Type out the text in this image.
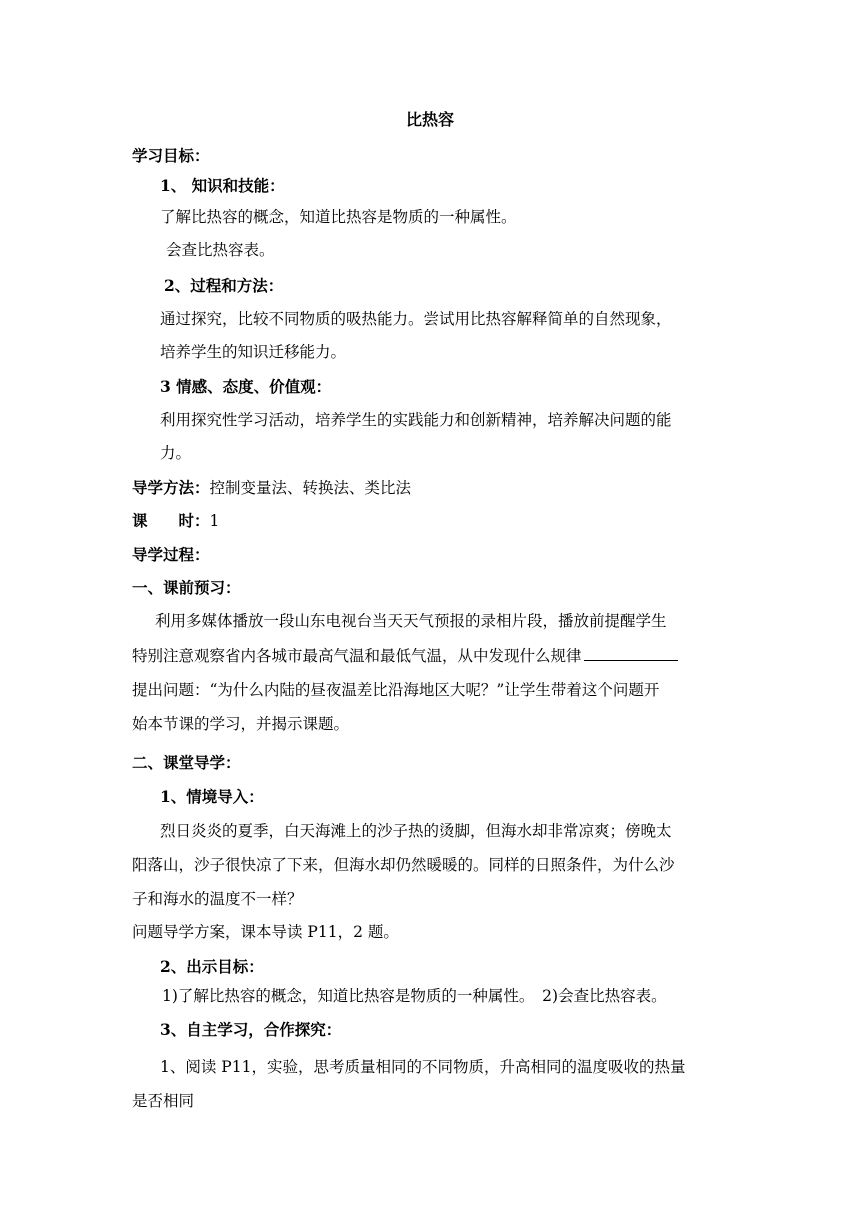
比热容
学习目标：
1、 知识和技能：
了解比热容的概念，知道比热容是物质的一种属性。
会查比热容表。
2、过程和方法：
通过探究，比较不同物质的吸热能力。尝试用比热容解释简单的自然现象，
培养学生的知识迁移能力。
3 情感、态度、价值观：
利用探究性学习活动，培养学生的实践能力和创新精神，培养解决问题的能
力。
导学方法：控制变量法、转换法、类比法
课　　时：1
导学过程：
一、课前预习：
利用多媒体播放一段山东电视台当天天气预报的录相片段，播放前提醒学生
特别注意观察省内各城市最高气温和最低气温，从中发现什么规律
提出问题：“为什么内陆的昼夜温差比沿海地区大呢？”让学生带着这个问题开
始本节课的学习，并揭示课题。
二、课堂导学：
1、情境导入：
烈日炎炎的夏季，白天海滩上的沙子热的烫脚，但海水却非常凉爽；傍晚太
阳落山，沙子很快凉了下来，但海水却仍然暖暖的。同样的日照条件，为什么沙
子和海水的温度不一样？
问题导学方案，课本导读 P11，2 题。
2、出示目标：
1)了解比热容的概念，知道比热容是物质的一种属性。　2)会查比热容表。
3、自主学习，合作探究：
1、阅读 P11，实验，思考质量相同的不同物质，升高相同的温度吸收的热量
是否相同
